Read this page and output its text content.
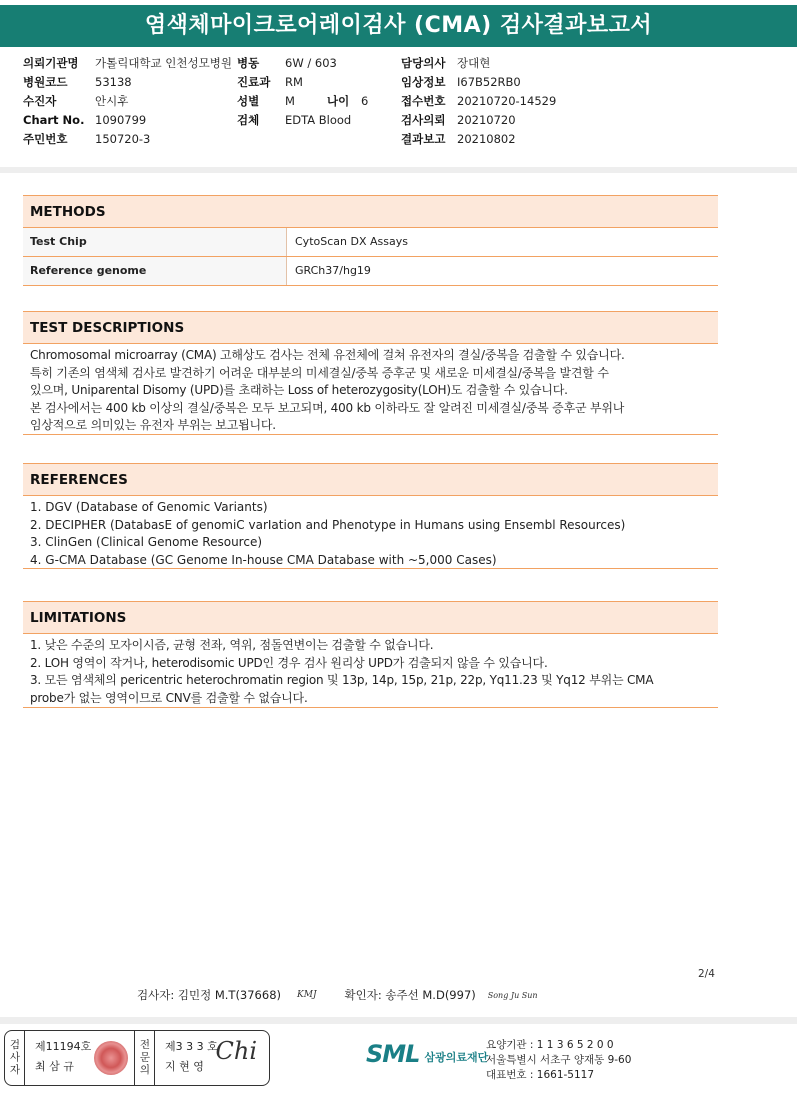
염색체마이크로어레이검사 (CMA) 검사결과보고서
의뢰기관명	가톨릭대학교 인천성모병원
병원코드	53138
수진자	안시후
Chart No. 1090799
주민번호	150720-3
병동	6W / 603
진료과	RM
성별	M	나이	6
검체	EDTA Blood
담당의사	장대현
임상정보	I67B52RB0
접수번호	20210720-14529
검사의뢰	20210720
결과보고	20210802
METHODS
Test Chip	CytoScan DX Assays
Reference genome	GRCh37/hg19
TEST DESCRIPTIONS

Chromosomal microarray (CMA) 고해상도 검사는 전체 유전체에 걸쳐 유전자의 결실/중복을 검출할 수 있습니다.

특히 기존의 염색체 검사로 발견하기 어려운 대부분의 미세결실/중복 증후군 및 새로운 미세결실/중복을 발견할 수

있으며, Uniparental Disomy (UPD)를 초래하는 Loss of heterozygosity(LOH)도 검출할 수 있습니다.

본 검사에서는 400 kb 이상의 결실/중복은 모두 보고되며, 400 kb 이하라도 잘 알려진 미세결실/중복 증후군 부위나

임상적으로 의미있는 유전자 부위는 보고됩니다.

REFERENCES

1. DGV (Database of Genomic Variants)

2. DECIPHER (DatabasE of genomiC varIation and Phenotype in Humans using Ensembl Resources)

3. ClinGen (Clinical Genome Resource)

4. G-CMA Database (GC Genome In-house CMA Database with ~5,000 Cases)

LIMITATIONS

1. 낮은 수준의 모자이시즘, 균형 전좌, 역위, 점돌연변이는 검출할 수 없습니다.

2. LOH 영역이 작거나, heterodisomic UPD인 경우 검사 원리상 UPD가 검출되지 않을 수 있습니다.

3. 모든 염색체의 pericentric heterochromatin region 및 13p, 14p, 15p, 21p, 22p, Yq11.23 및 Yq12 부위는 CMA

probe가 없는 영역이므로 CNV를 검출할 수 없습니다.

2/4
검사자: 김민정 M.T(37668) KMJ 확인자: 송주선 M.D(997) Song Ju Sun
검사자 제11194호
최 삼 규	전문의 제3 3 3 호
지 현 영
Chi	SML 삼광의료재단
요양기관 : 1 1 3 6 5 2 0 0
서울특별시 서초구 양재동 9-60
대표번호 : 1661-5117
